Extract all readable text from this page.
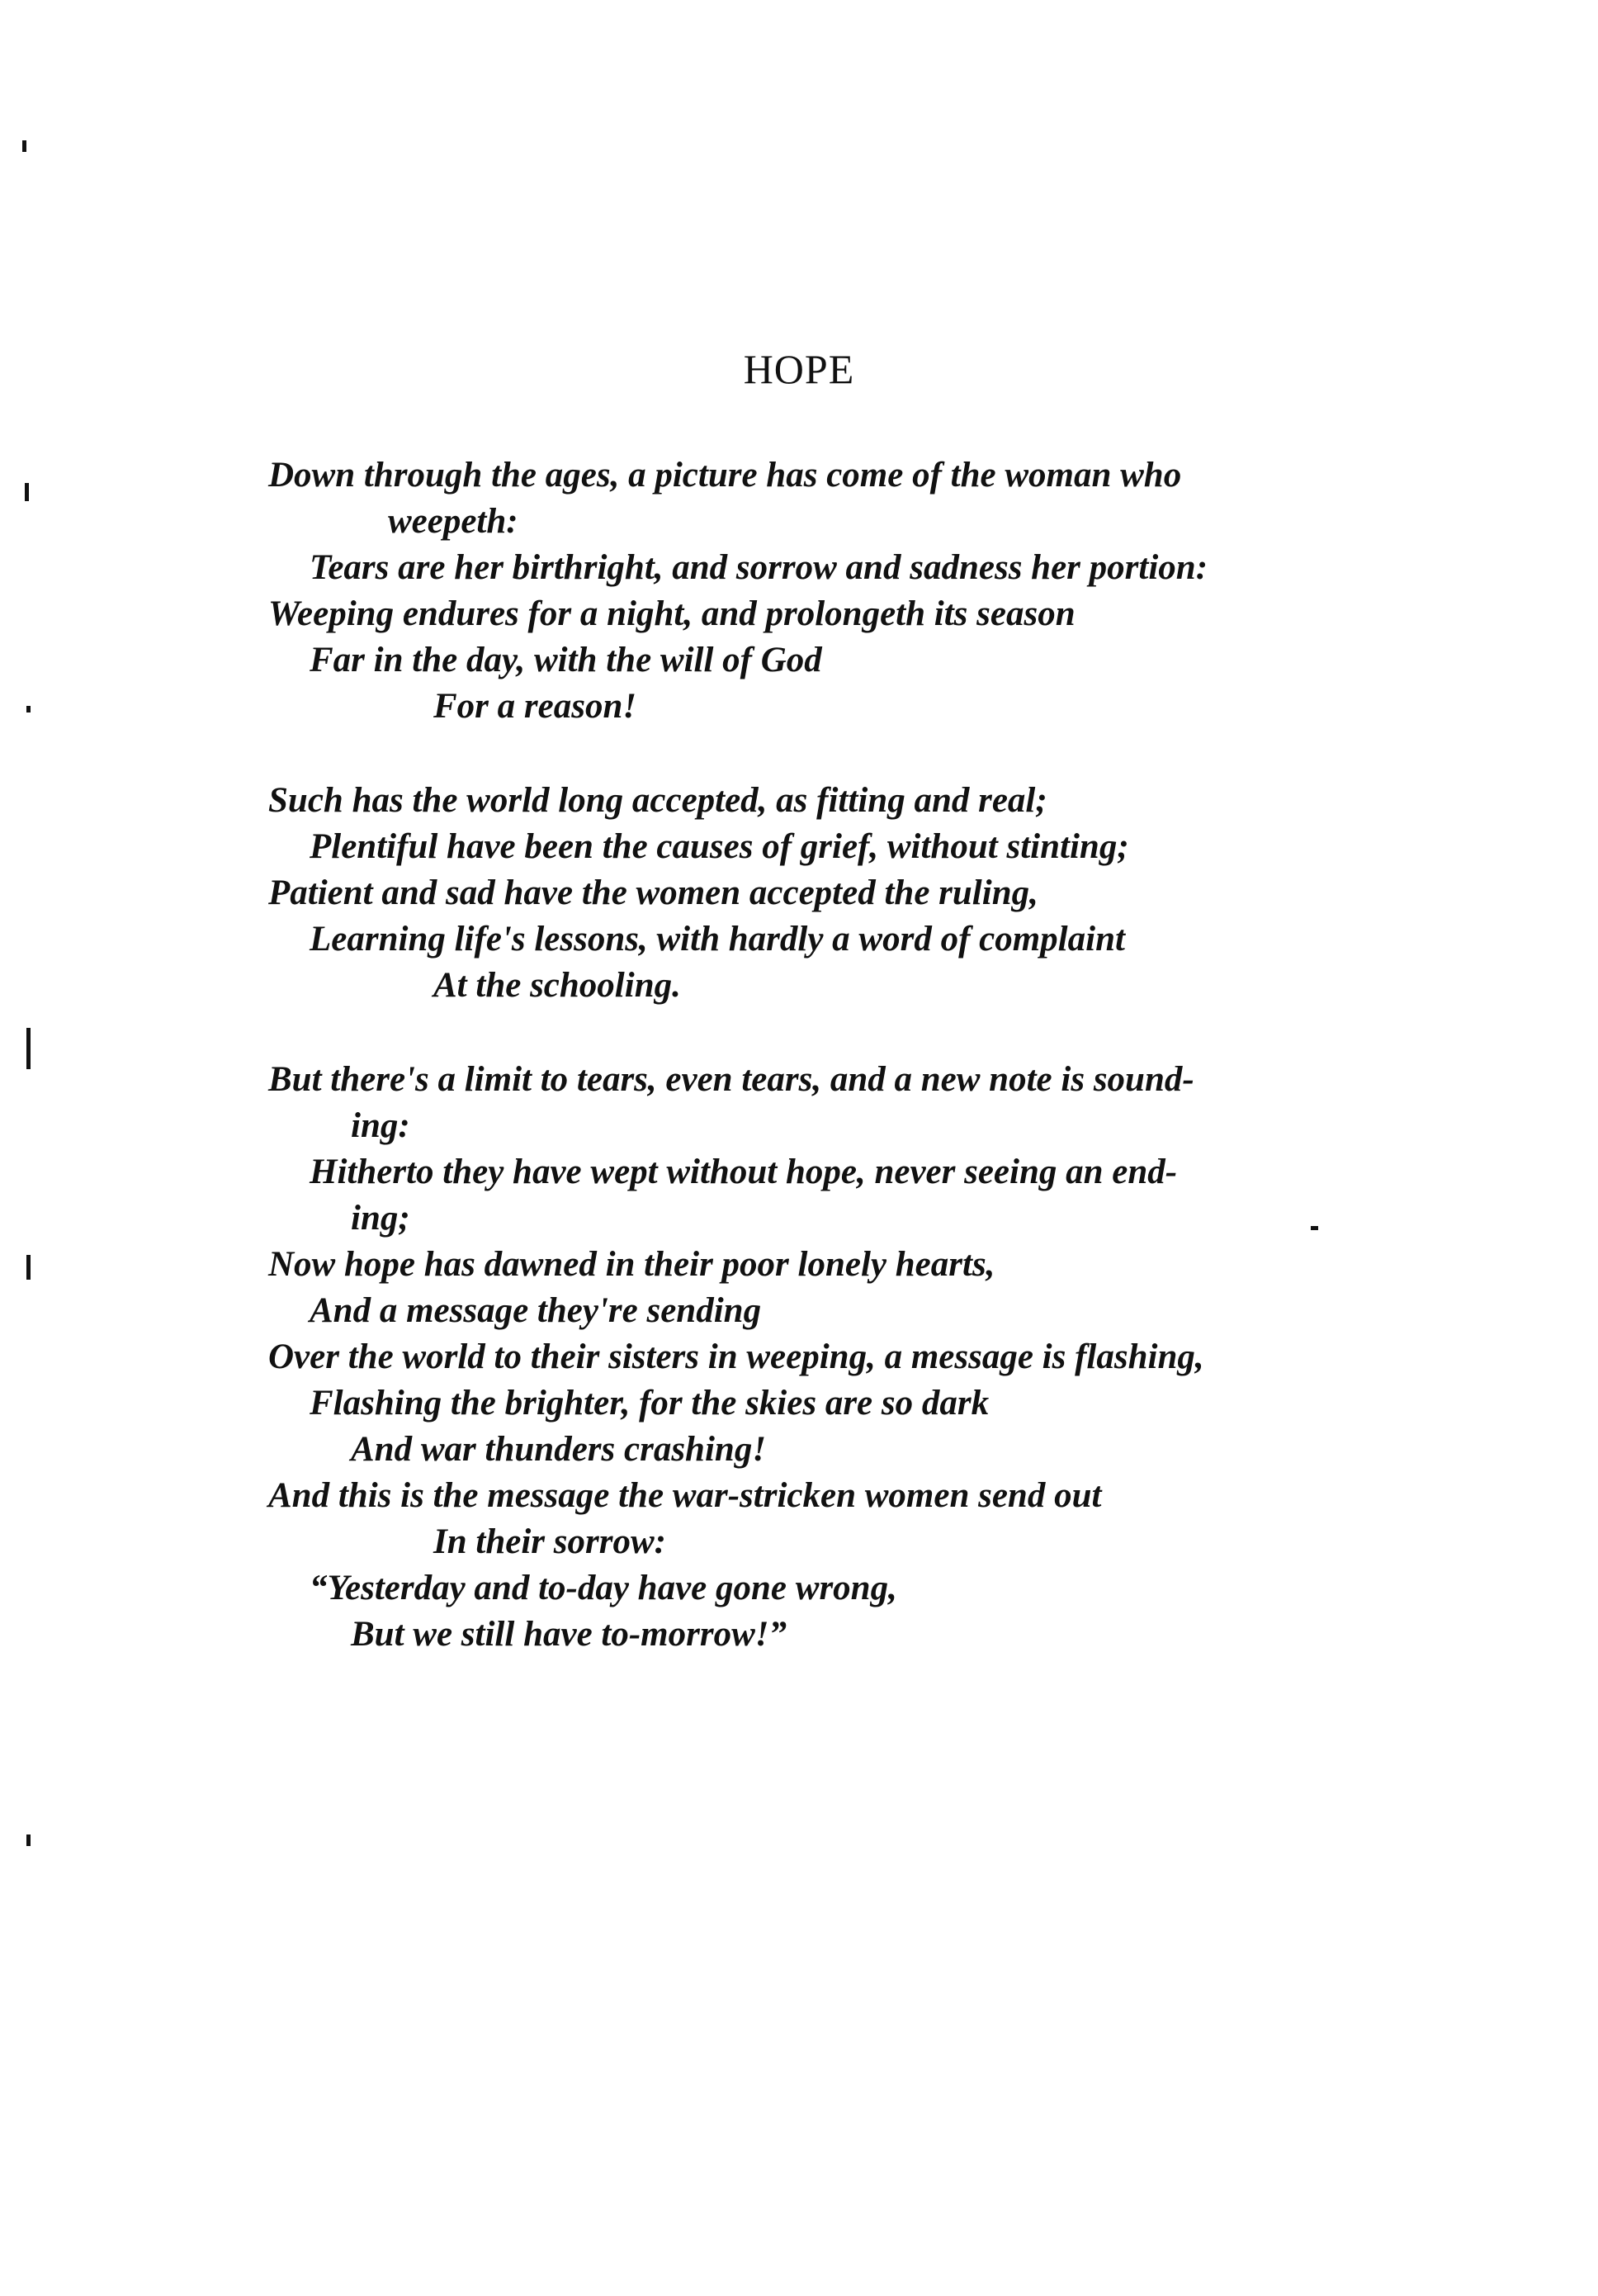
HOPE
Down through the ages, a picture has come of the woman who
weepeth:
Tears are her birthright, and sorrow and sadness her portion:
Weeping endures for a night, and prolongeth its season
Far in the day, with the will of God
For a reason!
Such has the world long accepted, as fitting and real;
Plentiful have been the causes of grief, without stinting;
Patient and sad have the women accepted the ruling,
Learning life's lessons, with hardly a word of complaint
At the schooling.
But there's a limit to tears, even tears, and a new note is sound-
ing:
Hitherto they have wept without hope, never seeing an end-
ing;
Now hope has dawned in their poor lonely hearts,
And a message they're sending
Over the world to their sisters in weeping, a message is flashing,
Flashing the brighter, for the skies are so dark
And war thunders crashing!
And this is the message the war-stricken women send out
In their sorrow:
“Yesterday and to-day have gone wrong,
But we still have to-morrow!”
